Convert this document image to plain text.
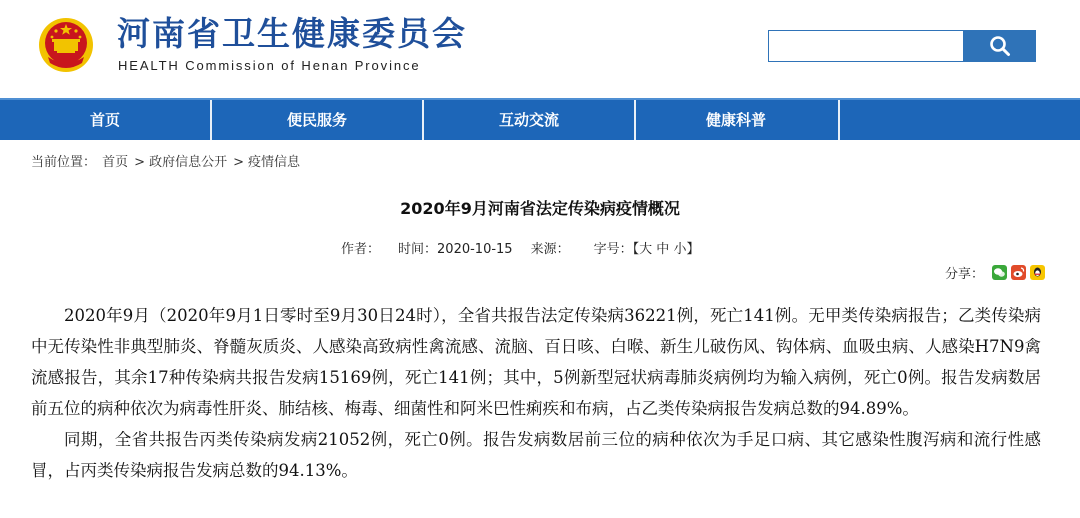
河南省卫生健康委员会
HEALTH Commission of Henan Province
首页	便民服务	互动交流	健康科普
当前位置： 首页 > 政府信息公开 > 疫情信息
2020年9月河南省法定传染病疫情概况
作者： 时间：2020-10-15 来源： 字号：【大 中 小】
分享：

2020年9月（2020年9月1日零时至9月30日24时），全省共报告法定传染病36221例，死亡141例。无甲类传染病报告；乙类传染病中无传染性非典型肺炎、脊髓灰质炎、人感染高致病性禽流感、流脑、百日咳、白喉、新生儿破伤风、钩体病、血吸虫病、人感染H7N9禽流感报告，其余17种传染病共报告发病15169例，死亡141例；其中，5例新型冠状病毒肺炎病例均为输入病例，死亡0例。报告发病数居前五位的病种依次为病毒性肝炎、肺结核、梅毒、细菌性和阿米巴性痢疾和布病，占乙类传染病报告发病总数的94.89%。

同期，全省共报告丙类传染病发病21052例，死亡0例。报告发病数居前三位的病种依次为手足口病、其它感染性腹泻病和流行性感冒，占丙类传染病报告发病总数的94.13%。
